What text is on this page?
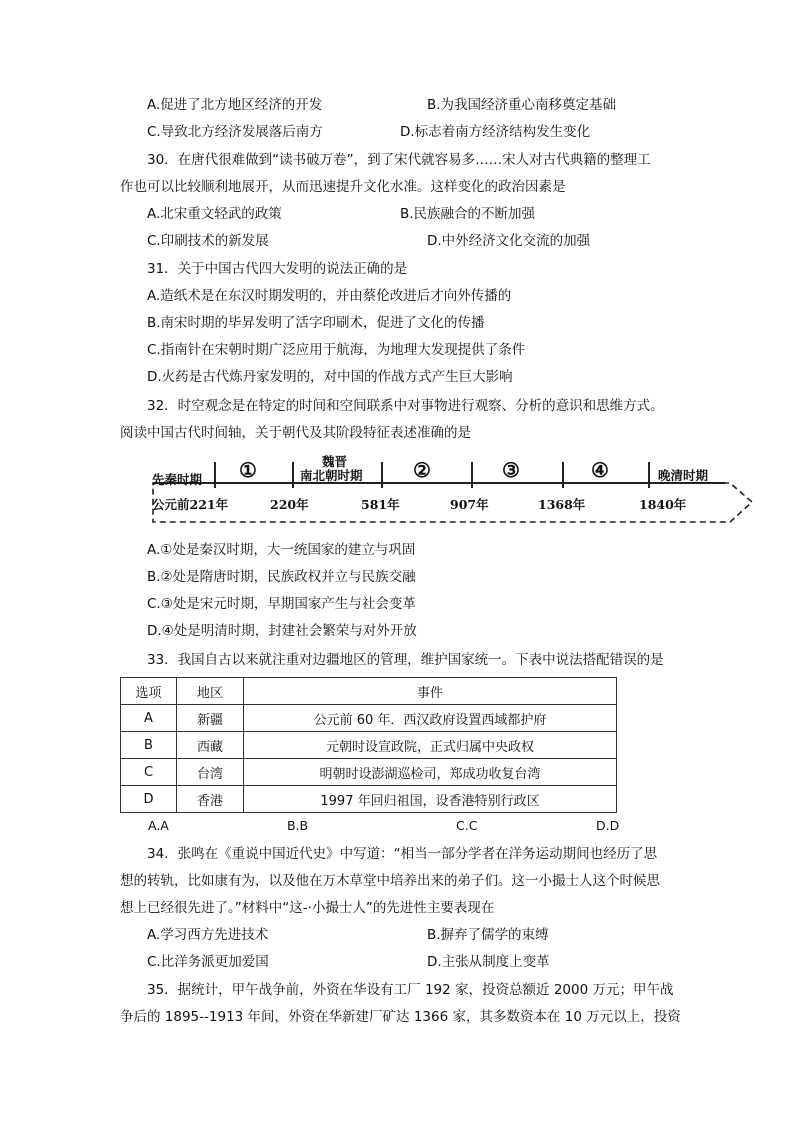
A.促进了北方地区经济的开发	B.为我国经济重心南移奠定基础
C.导致北方经济发展落后南方	D.标志着南方经济结构发生变化
30．在唐代很难做到“读书破万卷”，到了宋代就容易多……宋人对古代典籍的整理工
作也可以比较顺利地展开，从而迅速提升文化水准。这样变化的政治因素是
A.北宋重文轻武的政策	B.民族融合的不断加强
C.印刷技术的新发展	D.中外经济文化交流的加强
31．关于中国古代四大发明的说法正确的是
A.造纸术是在东汉时期发明的，并由蔡伦改进后才向外传播的
B.南宋时期的毕昇发明了活字印刷术，促进了文化的传播
C.指南针在宋朝时期广泛应用于航海，为地理大发现提供了条件
D.火药是古代炼丹家发明的，对中国的作战方式产生巨大影响
32．时空观念是在特定的时间和空间联系中对事物进行观察、分析的意识和思维方式。
阅读中国古代时间轴，关于朝代及其阶段特征表述准确的是
先秦时期 ①	魏晋
南北朝时期	②	③	④	晚清时期
公元前221年	220年	581年	907年	1368年	1840年
A.①处是秦汉时期，大一统国家的建立与巩固
B.②处是隋唐时期，民族政权并立与民族交融
C.③处是宋元时期，早期国家产生与社会变革
D.④处是明清时期，封建社会繁荣与对外开放
33．我国自古以来就注重对边疆地区的管理，维护国家统一。下表中说法搭配错误的是
选项	地区	事件
A	新疆	公元前 60 年．西汉政府设置西域都护府
B	西藏	元朝时设宣政院，正式归属中央政权
C	台湾	明朝时设澎湖巡检司，郑成功收复台湾
D	香港	1997 年回归祖国，设香港特别行政区
A.A	B.B	C.C	D.D
34．张鸣在《重说中国近代史》中写道：“相当一部分学者在洋务运动期间也经历了思
想的转轨，比如康有为，以及他在万木草堂中培养出来的弟子们。这一小撮士人这个时候思
想上已经很先进了。”材料中“这-·小撮士人”的先进性主要表现在
A.学习西方先进技术	B.摒弃了儒学的束缚
C.比洋务派更加爱国	D.主张从制度上变革
35．据统计，甲午战争前，外资在华设有工厂 192 家，投资总额近 2000 万元；甲午战
争后的 1895--1913 年间，外资在华新建厂矿达 1366 家，其多数资本在 10 万元以上，投资
